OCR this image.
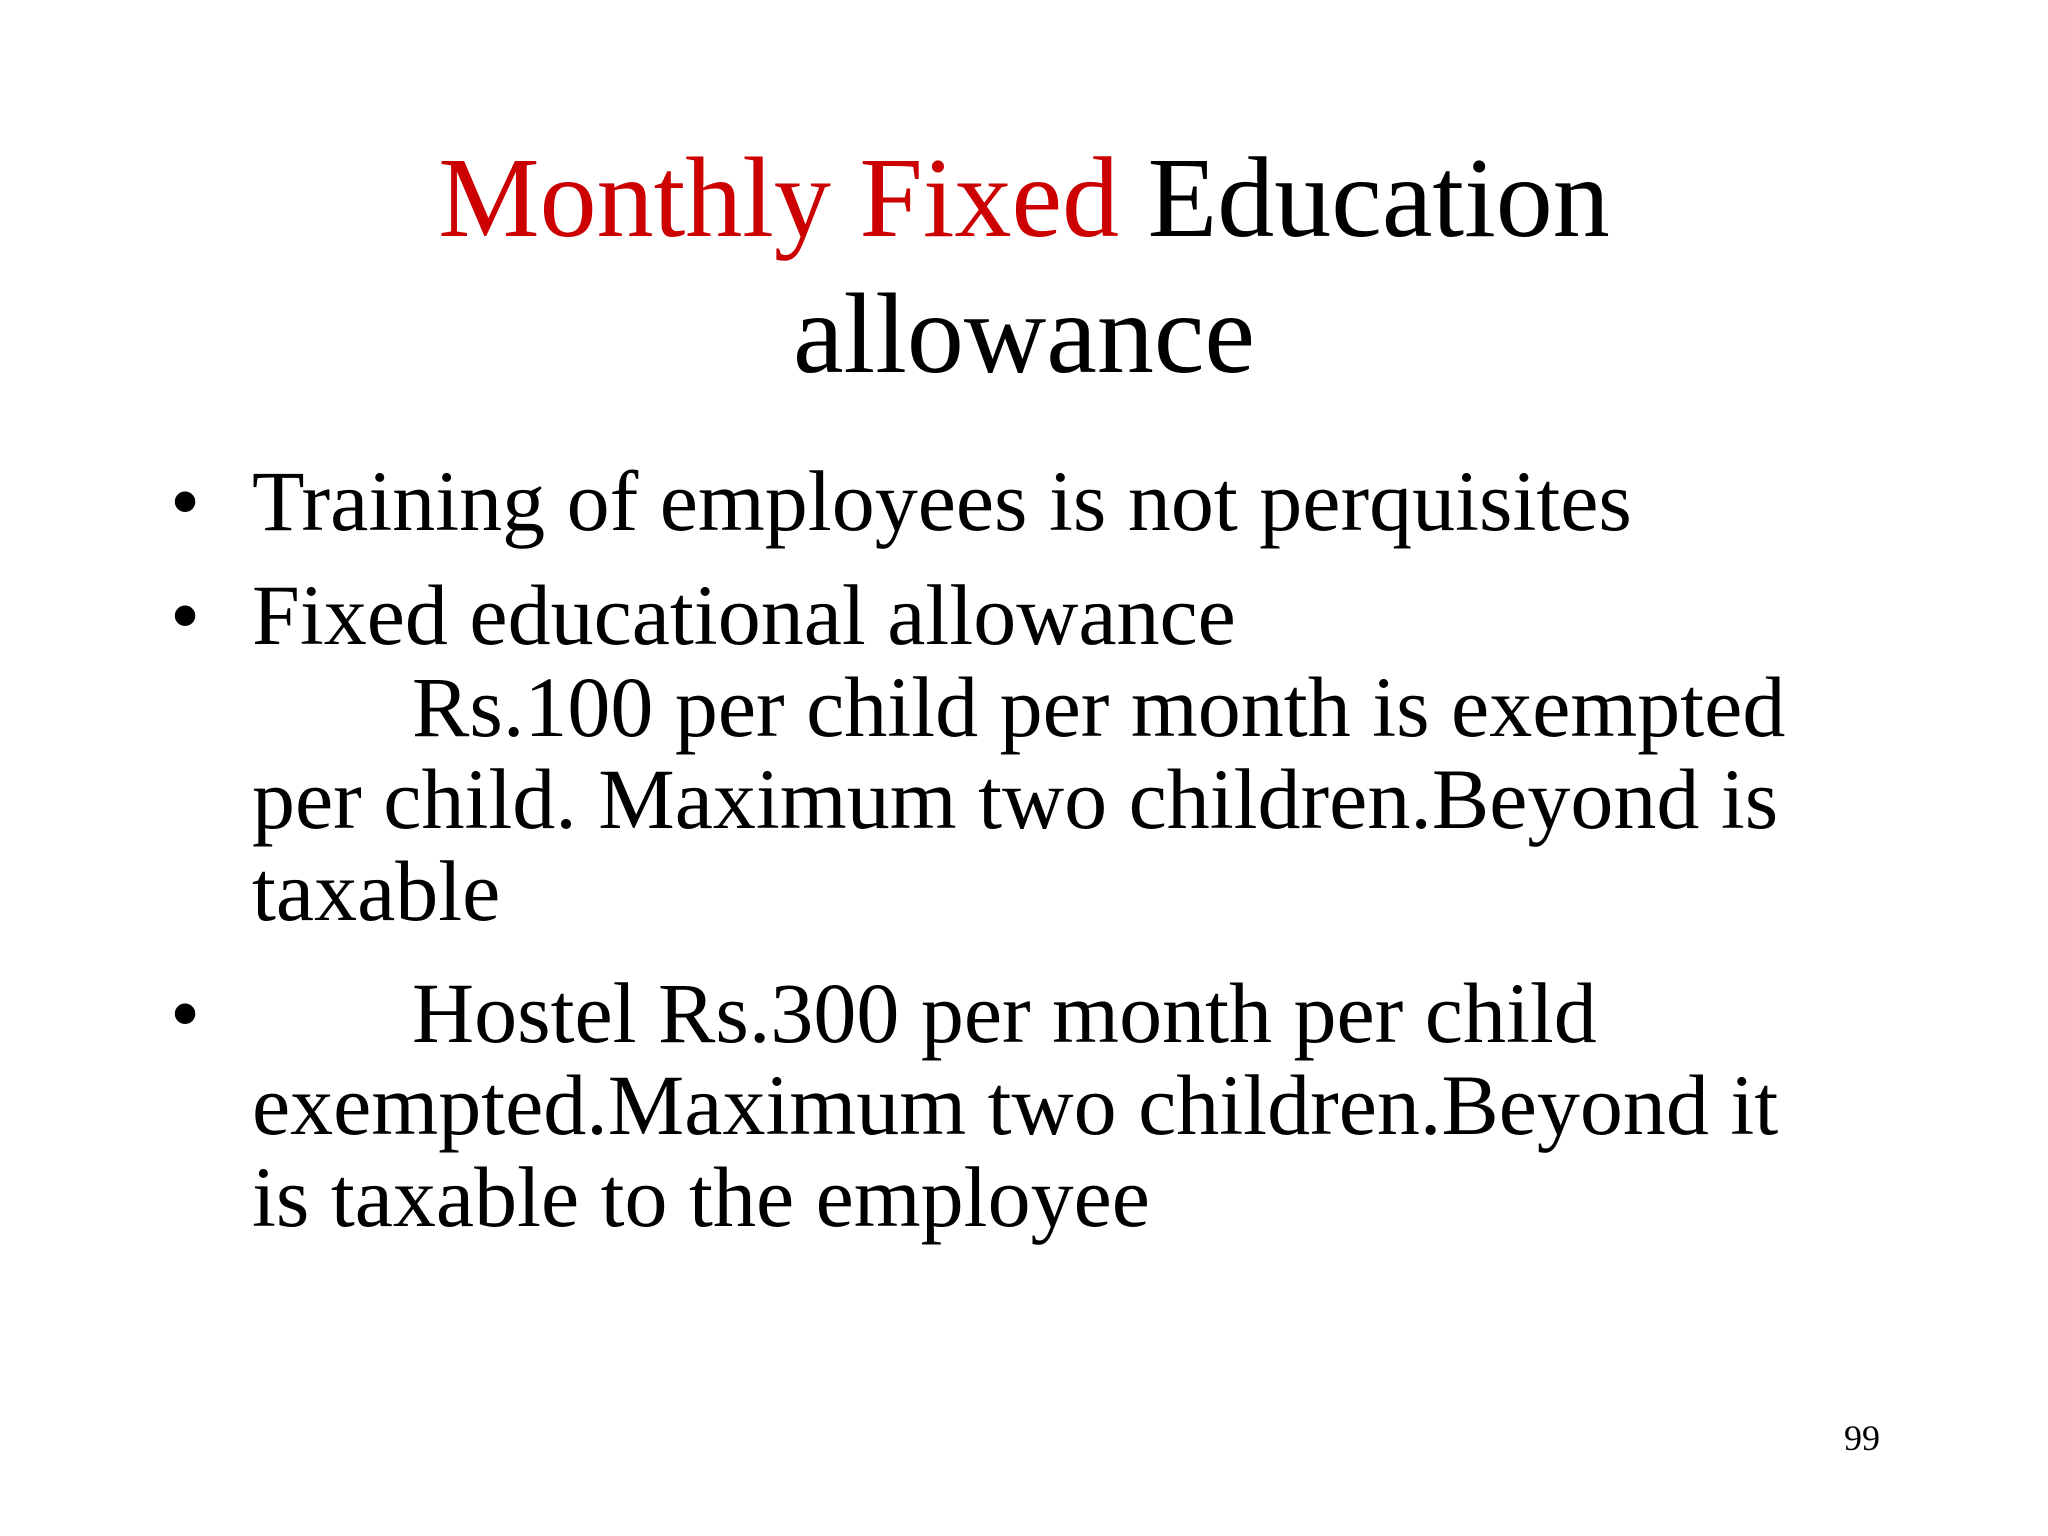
Monthly Fixed Education
allowance
• Training of employees is not perquisites
• Fixed educational allowance
Rs.100 per child per month is exempted
per child. Maximum two children.Beyond is
taxable
•	Hostel Rs.300 per month per child
exempted.Maximum two children.Beyond it
is taxable to the employee
99
